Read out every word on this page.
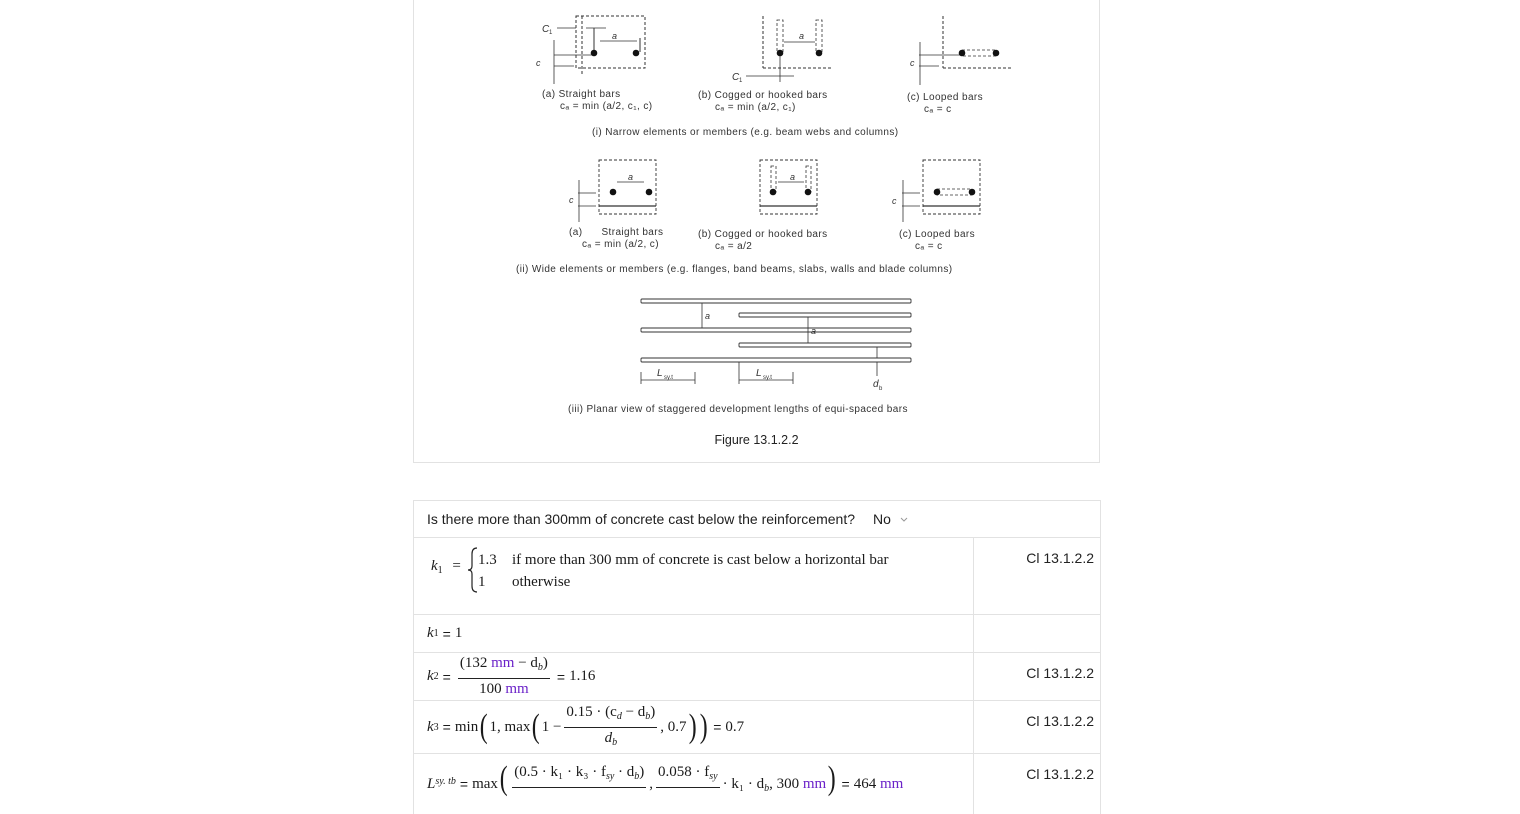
C 1	a
c
a
C 1
c
(a) Straight bars
cₐ = min (a/2, c₁, c)
(b) Cogged or hooked bars
cₐ = min (a/2, c₁)
(c) Looped bars
cₐ = c
(i) Narrow elements or members (e.g. beam webs and columns)
a
c
a
c
(a)      Straight bars
cₐ = min (a/2, c)
(b) Cogged or hooked bars
cₐ = a/2
(c) Looped bars
cₐ = c
(ii) Wide elements or members (e.g. flanges, band beams, slabs, walls and blade columns)
a
a
L sy.t	L sy.t
d b
(iii) Planar view of staggered development lengths of equi-spaced bars
Figure 13.1.2.2
Is there more than 300mm of concrete cast below the reinforcement? No
$k_1$ =	1.3 if more than 300 mm of concrete is cast below a horizontal bar
1 otherwise
Cl 13.1.2.2
k 1 = 1
k $2 = \frac{(132 mm - d_b)}{100 mm} = 1.16$	Cl 13.1.2.2
k 3 = min ( 1,
max ( $1 - \frac{0.15 \cdot (c_d - d_b)}{d_b}$ , 0.7 ) ) = 0.7	Cl 13.1.2.2
$L^{sy. tb} = \max$ ( $(0.5 \cdot k_1 \cdot k_3 \cdot f_{sy} \cdot d_b)$

,
$0.058 \cdot f_{sy}$
· $k_1 \cdot d_b$, 300 mm ) = 464 mm
Cl 13.1.2.2
